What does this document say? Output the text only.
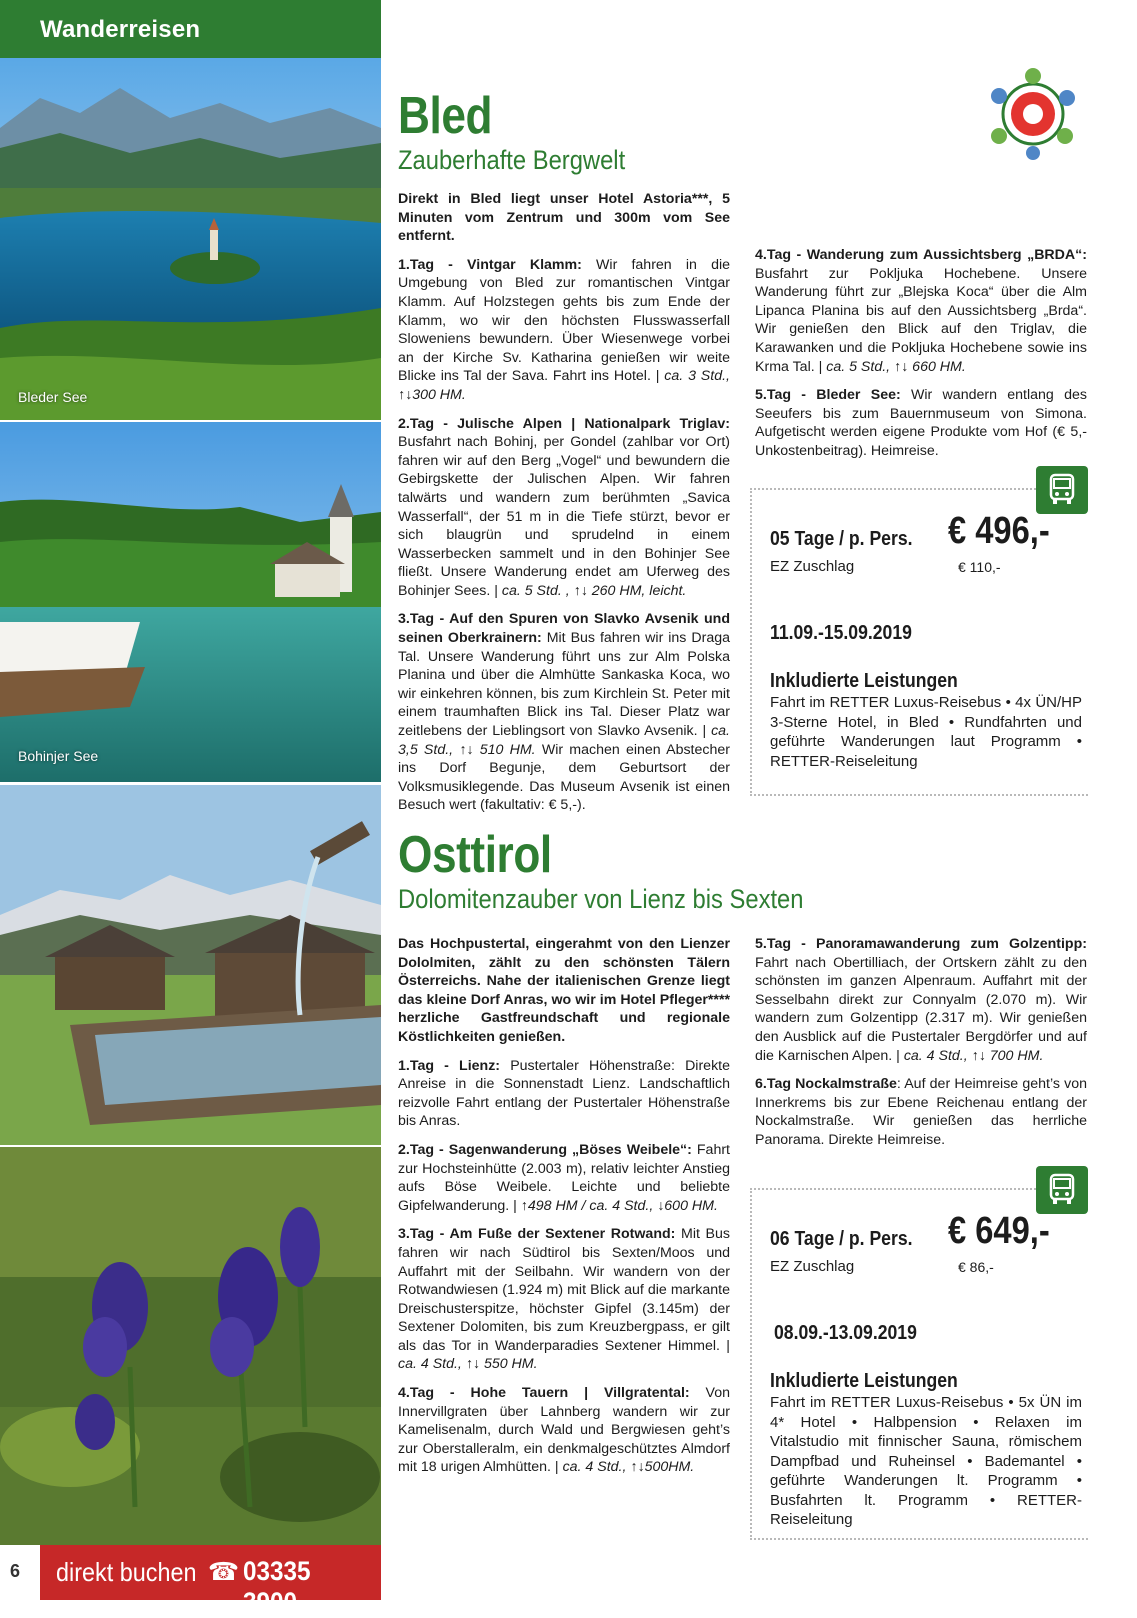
Wanderreisen
Bleder See
Bohinjer See
6 direkt buchen ☎ 03335 3900
Bled
Zauberhafte Bergwelt

Direkt in Bled liegt unser Hotel Astoria***, 5 Minuten vom Zentrum und 300m vom See entfernt.

1.Tag - Vintgar Klamm: Wir fahren in die Umgebung von Bled zur romantischen Vintgar Klamm. Auf Holzstegen gehts bis zum Ende der Klamm, wo wir den höchsten Flusswasserfall Sloweniens bewundern. Über Wiesenwege vorbei an der Kirche Sv. Katharina genießen wir weite Blicke ins Tal der Sava. Fahrt ins Hotel. | ca. 3 Std., ↑↓300 HM.

2.Tag - Julische Alpen | Nationalpark Triglav: Busfahrt nach Bohinj, per Gondel (zahlbar vor Ort) fahren wir auf den Berg „Vogel“ und bewundern die Gebirgskette der Julischen Alpen. Wir fahren talwärts und wandern zum berühmten „Savica Wasserfall“, der 51 m in die Tiefe stürzt, bevor er sich blaugrün und sprudelnd in einem Wasserbecken sammelt und in den Bohinjer See fließt. Unsere Wanderung endet am Uferweg des Bohinjer Sees. | ca. 5 Std. , ↑↓ 260 HM, leicht.

3.Tag - Auf den Spuren von Slavko Avsenik und seinen Oberkrainern: Mit Bus fahren wir ins Draga Tal. Unsere Wanderung führt uns zur Alm Polska Planina und über die Almhütte Sankaska Koca, wo wir einkehren können, bis zum Kirchlein St. Peter mit einem traumhaften Blick ins Tal. Dieser Platz war zeitlebens der Lieblingsort von Slavko Avsenik. | ca. 3,5 Std., ↑↓ 510 HM. Wir machen einen Abstecher ins Dorf Begunje, dem Geburtsort der Volksmusiklegende. Das Museum Avsenik ist einen Besuch wert (fakultativ: € 5,-).

4.Tag - Wanderung zum Aussichtsberg „BRDA“: Busfahrt zur Pokljuka Hochebene. Unsere Wanderung führt zur „Blejska Koca“ über die Alm Lipanca Planina bis auf den Aussichtsberg „Brda“. Wir genießen den Blick auf den Triglav, die Karawanken und die Pokljuka Hochebene sowie ins Krma Tal. | ca. 5 Std., ↑↓ 660 HM.

5.Tag - Bleder See: Wir wandern entlang des Seeufers bis zum Bauernmuseum von Simona. Aufgetischt werden eigene Produkte vom Hof (€ 5,- Unkostenbeitrag). Heimreise.

05 Tage / p. Pers. € 496,-
EZ Zuschlag	€ 110,-
11.09.-15.09.2019
Inkludierte Leistungen
Fahrt im RETTER Luxus-Reisebus • 4x ÜN/HP 3-Sterne Hotel, in Bled • Rundfahrten und geführte Wanderungen laut Programm • RETTER-Reiseleitung
Osttirol
Dolomitenzauber von Lienz bis Sexten

Das Hochpustertal, eingerahmt von den Lienzer Dololmiten, zählt zu den schönsten Tälern Österreichs. Nahe der italienischen Grenze liegt das kleine Dorf Anras, wo wir im Hotel Pfleger**** herzliche Gastfreundschaft und regionale Köstlichkeiten genießen.

1.Tag - Lienz: Pustertaler Höhenstraße: Direkte Anreise in die Sonnenstadt Lienz. Landschaftlich reizvolle Fahrt entlang der Pustertaler Höhenstraße bis Anras.

2.Tag - Sagenwanderung „Böses Weibele“: Fahrt zur Hochsteinhütte (2.003 m), relativ leichter Anstieg aufs Böse Weibele. Leichte und beliebte Gipfelwanderung. | ↑498 HM / ca. 4 Std., ↓600 HM.

3.Tag - Am Fuße der Sextener Rotwand: Mit Bus fahren wir nach Südtirol bis Sexten/Moos und Auffahrt mit der Seilbahn. Wir wandern von der Rotwandwiesen (1.924 m) mit Blick auf die markante Dreischusterspitze, höchster Gipfel (3.145m) der Sextener Dolomiten, bis zum Kreuzbergpass, er gilt als das Tor in Wanderparadies Sextener Himmel. | ca. 4 Std., ↑↓ 550 HM.

4.Tag - Hohe Tauern | Villgratental: Von Innervillgraten über Lahnberg wandern wir zur Kamelisenalm, durch Wald und Bergwiesen geht’s zur Oberstalleralm, ein denkmalgeschütztes Almdorf mit 18 urigen Almhütten. | ca. 4 Std., ↑↓500HM.

5.Tag - Panoramawanderung zum Golzentipp: Fahrt nach Obertilliach, der Ortskern zählt zu den schönsten im ganzen Alpenraum. Auffahrt mit der Sesselbahn direkt zur Connyalm (2.070 m). Wir wandern zum Golzentipp (2.317 m). Wir genießen den Ausblick auf die Pustertaler Bergdörfer und auf die Karnischen Alpen. | ca. 4 Std., ↑↓ 700 HM.

6.Tag Nockalmstraße: Auf der Heimreise geht’s von Innerkrems bis zur Ebene Reichenau entlang der Nockalmstraße. Wir genießen das herrliche Panorama. Direkte Heimreise.

06 Tage / p. Pers. € 649,-
EZ Zuschlag	€ 86,-
08.09.-13.09.2019
Inkludierte Leistungen
Fahrt im RETTER Luxus-Reisebus • 5x ÜN im 4* Hotel • Halbpension • Relaxen im Vitalstudio mit finnischer Sauna, römischem Dampfbad und Ruheinsel • Bademantel • geführte Wanderungen lt. Programm • Busfahrten lt. Programm • RETTER-Reiseleitung
